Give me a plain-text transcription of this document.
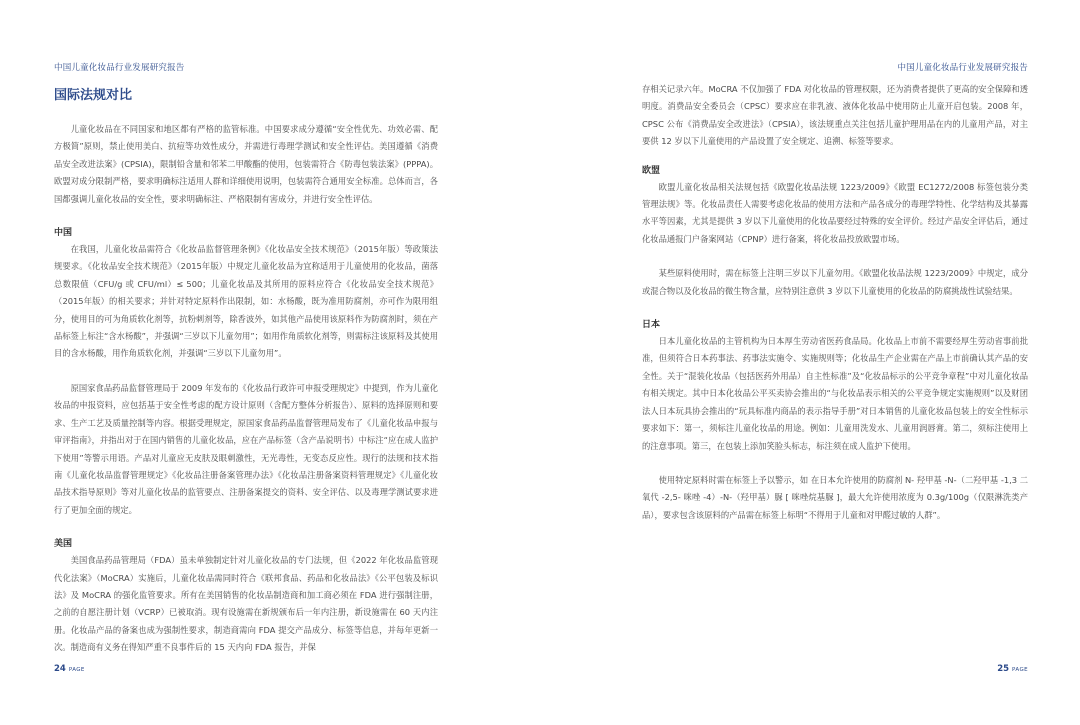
中国儿童化妆品行业发展研究报告
国际法规对比

儿童化妆品在不同国家和地区都有严格的监管标准。中国要求成分遵循“安全性优先、功效必需、配方极简”原则，禁止使用美白、抗痘等功效性成分，并需进行毒理学测试和安全性评估。美国遵循《消费品安全改进法案》(CPSIA)，限制铅含量和邻苯二甲酸酯的使用，包装需符合《防毒包装法案》(PPPA)。欧盟对成分限制严格，要求明确标注适用人群和详细使用说明，包装需符合通用安全标准。总体而言，各国都强调儿童化妆品的安全性，要求明确标注、严格限制有害成分，并进行安全性评估。

中国

在我国，儿童化妆品需符合《化妆品监督管理条例》《化妆品安全技术规范》（2015年版）等政策法规要求。《化妆品安全技术规范》（2015年版）中规定儿童化妆品为宜称适用于儿童使用的化妆品，菌落总数限值（CFU/g 或 CFU/ml）≤ 500；儿童化妆品及其所用的原料应符合《化妆品安全技术规范》（2015年版）的相关要求；并针对特定原料作出限制，如：水杨酸，既为准用防腐剂，亦可作为限用组分，使用目的可为角质软化剂等，抗粉刺剂等，除香波外，如其他产品使用该原料作为防腐剂时，须在产品标签上标注“含水杨酸”，并强调“三岁以下儿童勿用”；如用作角质软化剂等，则需标注该原料及其使用目的含水杨酸，用作角质软化剂，并强调“三岁以下儿童勿用”。

原国家食品药品监督管理局于 2009 年发布的《化妆品行政许可申报受理规定》中提到，作为儿童化妆品的申报资料，应包括基于安全性考虑的配方设计原则（含配方整体分析报告）、原料的选择原则和要求、生产工艺及质量控制等内容。根据受理规定，原国家食品药品监督管理局发布了《儿童化妆品申报与审评指南》，并指出对于在国内销售的儿童化妆品，应在产品标签（含产品说明书）中标注“应在成人监护下使用”等警示用语。产品对儿童应无皮肤及眼刺激性，无光毒性，无变态反应性。现行的法规和技术指南《儿童化妆品监督管理规定》《化妆品注册备案管理办法》《化妆品注册备案资料管理规定》《儿童化妆品技术指导原则》等对儿童化妆品的监管要点、注册备案提交的资料、安全评估、以及毒理学测试要求进行了更加全面的规定。

美国

美国食品药品管理局（FDA）虽未单独制定针对儿童化妆品的专门法规，但《2022 年化妆品监管现代化法案》（MoCRA）实施后，儿童化妆品需同时符合《联邦食品、药品和化妆品法》《公平包装及标识法》及 MoCRA 的强化监管要求。所有在美国销售的化妆品制造商和加工商必须在 FDA 进行强制注册，之前的自愿注册计划（VCRP）已被取消。现有设施需在新规颁布后一年内注册，新设施需在 60 天内注册。化妆品产品的备案也成为强制性要求，制造商需向 FDA 提交产品成分、标签等信息，并每年更新一次。制造商有义务在得知严重不良事件后的 15 天内向 FDA 报告，并保

24 PAGE
中国儿童化妆品行业发展研究报告

存相关记录六年。MoCRA 不仅加强了 FDA 对化妆品的管理权限，还为消费者提供了更高的安全保障和透明度。消费品安全委员会（CPSC）要求应在非乳液、液体化妆品中使用防止儿童开启包装。2008 年，CPSC 公布《消费品安全改进法》（CPSIA），该法规重点关注包括儿童护理用品在内的儿童用产品，对主要供 12 岁以下儿童使用的产品设置了安全规定、追溯、标签等要求。

欧盟

欧盟儿童化妆品相关法规包括《欧盟化妆品法规 1223/2009》《欧盟 EC1272/2008 标签包装分类管理法规》等。化妆品责任人需要考虑化妆品的使用方法和产品各成分的毒理学特性、化学结构及其暴露水平等因素，尤其是提供 3 岁以下儿童使用的化妆品要经过特殊的安全评价。经过产品安全评估后，通过化妆品通报门户备案网站（CPNP）进行备案，将化妆品投放欧盟市场。

某些原料使用时，需在标签上注明三岁以下儿童勿用。《欧盟化妆品法规 1223/2009》中规定，成分或混合物以及化妆品的微生物含量，应特别注意供 3 岁以下儿童使用的化妆品的防腐挑战性试验结果。

日本

日本儿童化妆品的主管机构为日本厚生劳动省医药食品局。化妆品上市前不需要经厚生劳动省事前批准，但须符合日本药事法、药事法实施令、实施规则等；化妆品生产企业需在产品上市前确认其产品的安全性。关于“混装化妆品（包括医药外用品）自主性标准”及“化妆品标示的公平竞争章程”中对儿童化妆品有相关规定。其中日本化妆品公平买卖协会推出的“与化妆品表示相关的公平竞争规定实施规则”以及财团法人日本玩具协会推出的“玩具标准内商品的表示指导手册”对日本销售的儿童化妆品包装上的安全性标示要求如下：第一，须标注儿童化妆品的用途。例如：儿童用洗发水、儿童用润唇膏。第二，须标注使用上的注意事项。第三，在包装上添加笑脸头标志，标注须在成人监护下使用。

使用特定原料时需在标签上予以警示，如 在日本允许使用的防腐剂 N- 羟甲基 -N-（二羟甲基 -1,3 二氧代 -2,5- 咪唑 -4）-N-（羟甲基）脲 [ 咪唑烷基脲 ]，最大允许使用浓度为 0.3g/100g（仅限淋洗类产品），要求包含该原料的产品需在标签上标明“不得用于儿童和对甲醛过敏的人群”。

25 PAGE
